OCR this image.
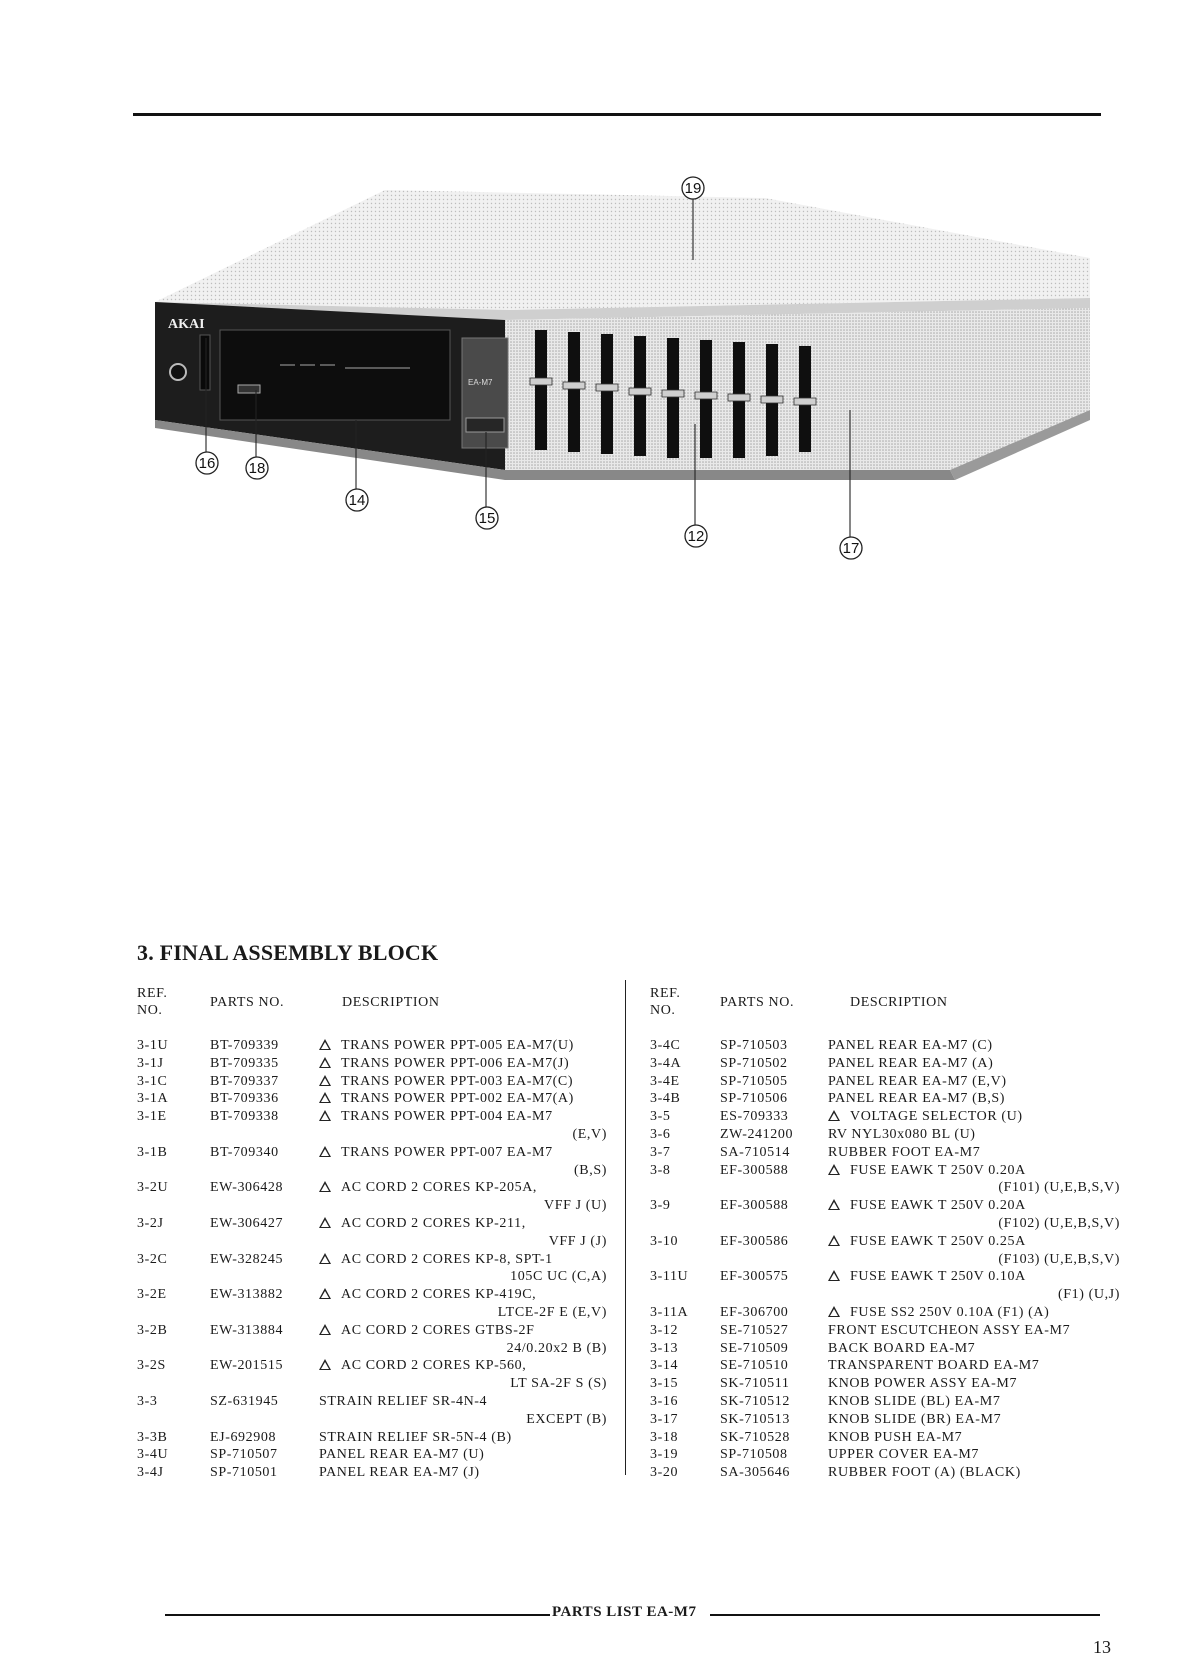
AKAI
EA-M7
19
16 18
14
15
12
17
3. FINAL ASSEMBLY BLOCK
REF.
NO.
PARTS NO.	DESCRIPTION
3-1U	BT-709339	TRANS POWER PPT-005 EA-M7(U)
3-1J	BT-709335	TRANS POWER PPT-006 EA-M7(J)
3-1C	BT-709337	TRANS POWER PPT-003 EA-M7(C)
3-1A	BT-709336	TRANS POWER PPT-002 EA-M7(A)
3-1E	BT-709338	TRANS POWER PPT-004 EA-M7
(E,V)
3-1B	BT-709340	TRANS POWER PPT-007 EA-M7
(B,S)
3-2U	EW-306428	AC CORD 2 CORES KP-205A,
VFF J (U)
3-2J	EW-306427	AC CORD 2 CORES KP-211,
VFF J (J)
3-2C	EW-328245	AC CORD 2 CORES KP-8, SPT-1
105C UC (C,A)
3-2E	EW-313882	AC CORD 2 CORES KP-419C,
LTCE-2F E (E,V)
3-2B	EW-313884	AC CORD 2 CORES GTBS-2F
24/0.20x2 B (B)
3-2S	EW-201515	AC CORD 2 CORES KP-560,
LT SA-2F S (S)
3-3	SZ-631945	STRAIN RELIEF SR-4N-4
EXCEPT (B)
3-3B	EJ-692908	STRAIN RELIEF SR-5N-4 (B)
3-4U	SP-710507	PANEL REAR EA-M7 (U)
3-4J	SP-710501	PANEL REAR EA-M7 (J)
REF.
NO.
PARTS NO.	DESCRIPTION
3-4C	SP-710503	PANEL REAR EA-M7 (C)
3-4A	SP-710502	PANEL REAR EA-M7 (A)
3-4E	SP-710505	PANEL REAR EA-M7 (E,V)
3-4B	SP-710506	PANEL REAR EA-M7 (B,S)
3-5	ES-709333	VOLTAGE SELECTOR (U)
3-6	ZW-241200 RV NYL30x080 BL (U)
3-7	SA-710514	RUBBER FOOT EA-M7
3-8	EF-300588	FUSE EAWK T 250V 0.20A
(F101) (U,E,B,S,V)
3-9	EF-300588	FUSE EAWK T 250V 0.20A
(F102) (U,E,B,S,V)
3-10	EF-300586	FUSE EAWK T 250V 0.25A
(F103) (U,E,B,S,V)
3-11U EF-300575	FUSE EAWK T 250V 0.10A
(F1) (U,J)
3-11A EF-306700	FUSE SS2 250V 0.10A (F1) (A)
3-12	SE-710527	FRONT ESCUTCHEON ASSY EA-M7
3-13	SE-710509	BACK BOARD EA-M7
3-14	SE-710510	TRANSPARENT BOARD EA-M7
3-15	SK-710511	KNOB POWER ASSY EA-M7
3-16	SK-710512	KNOB SLIDE (BL) EA-M7
3-17	SK-710513	KNOB SLIDE (BR) EA-M7
3-18	SK-710528	KNOB PUSH EA-M7
3-19	SP-710508	UPPER COVER EA-M7
3-20	SA-305646	RUBBER FOOT (A) (BLACK)
PARTS LIST EA-M7
13
